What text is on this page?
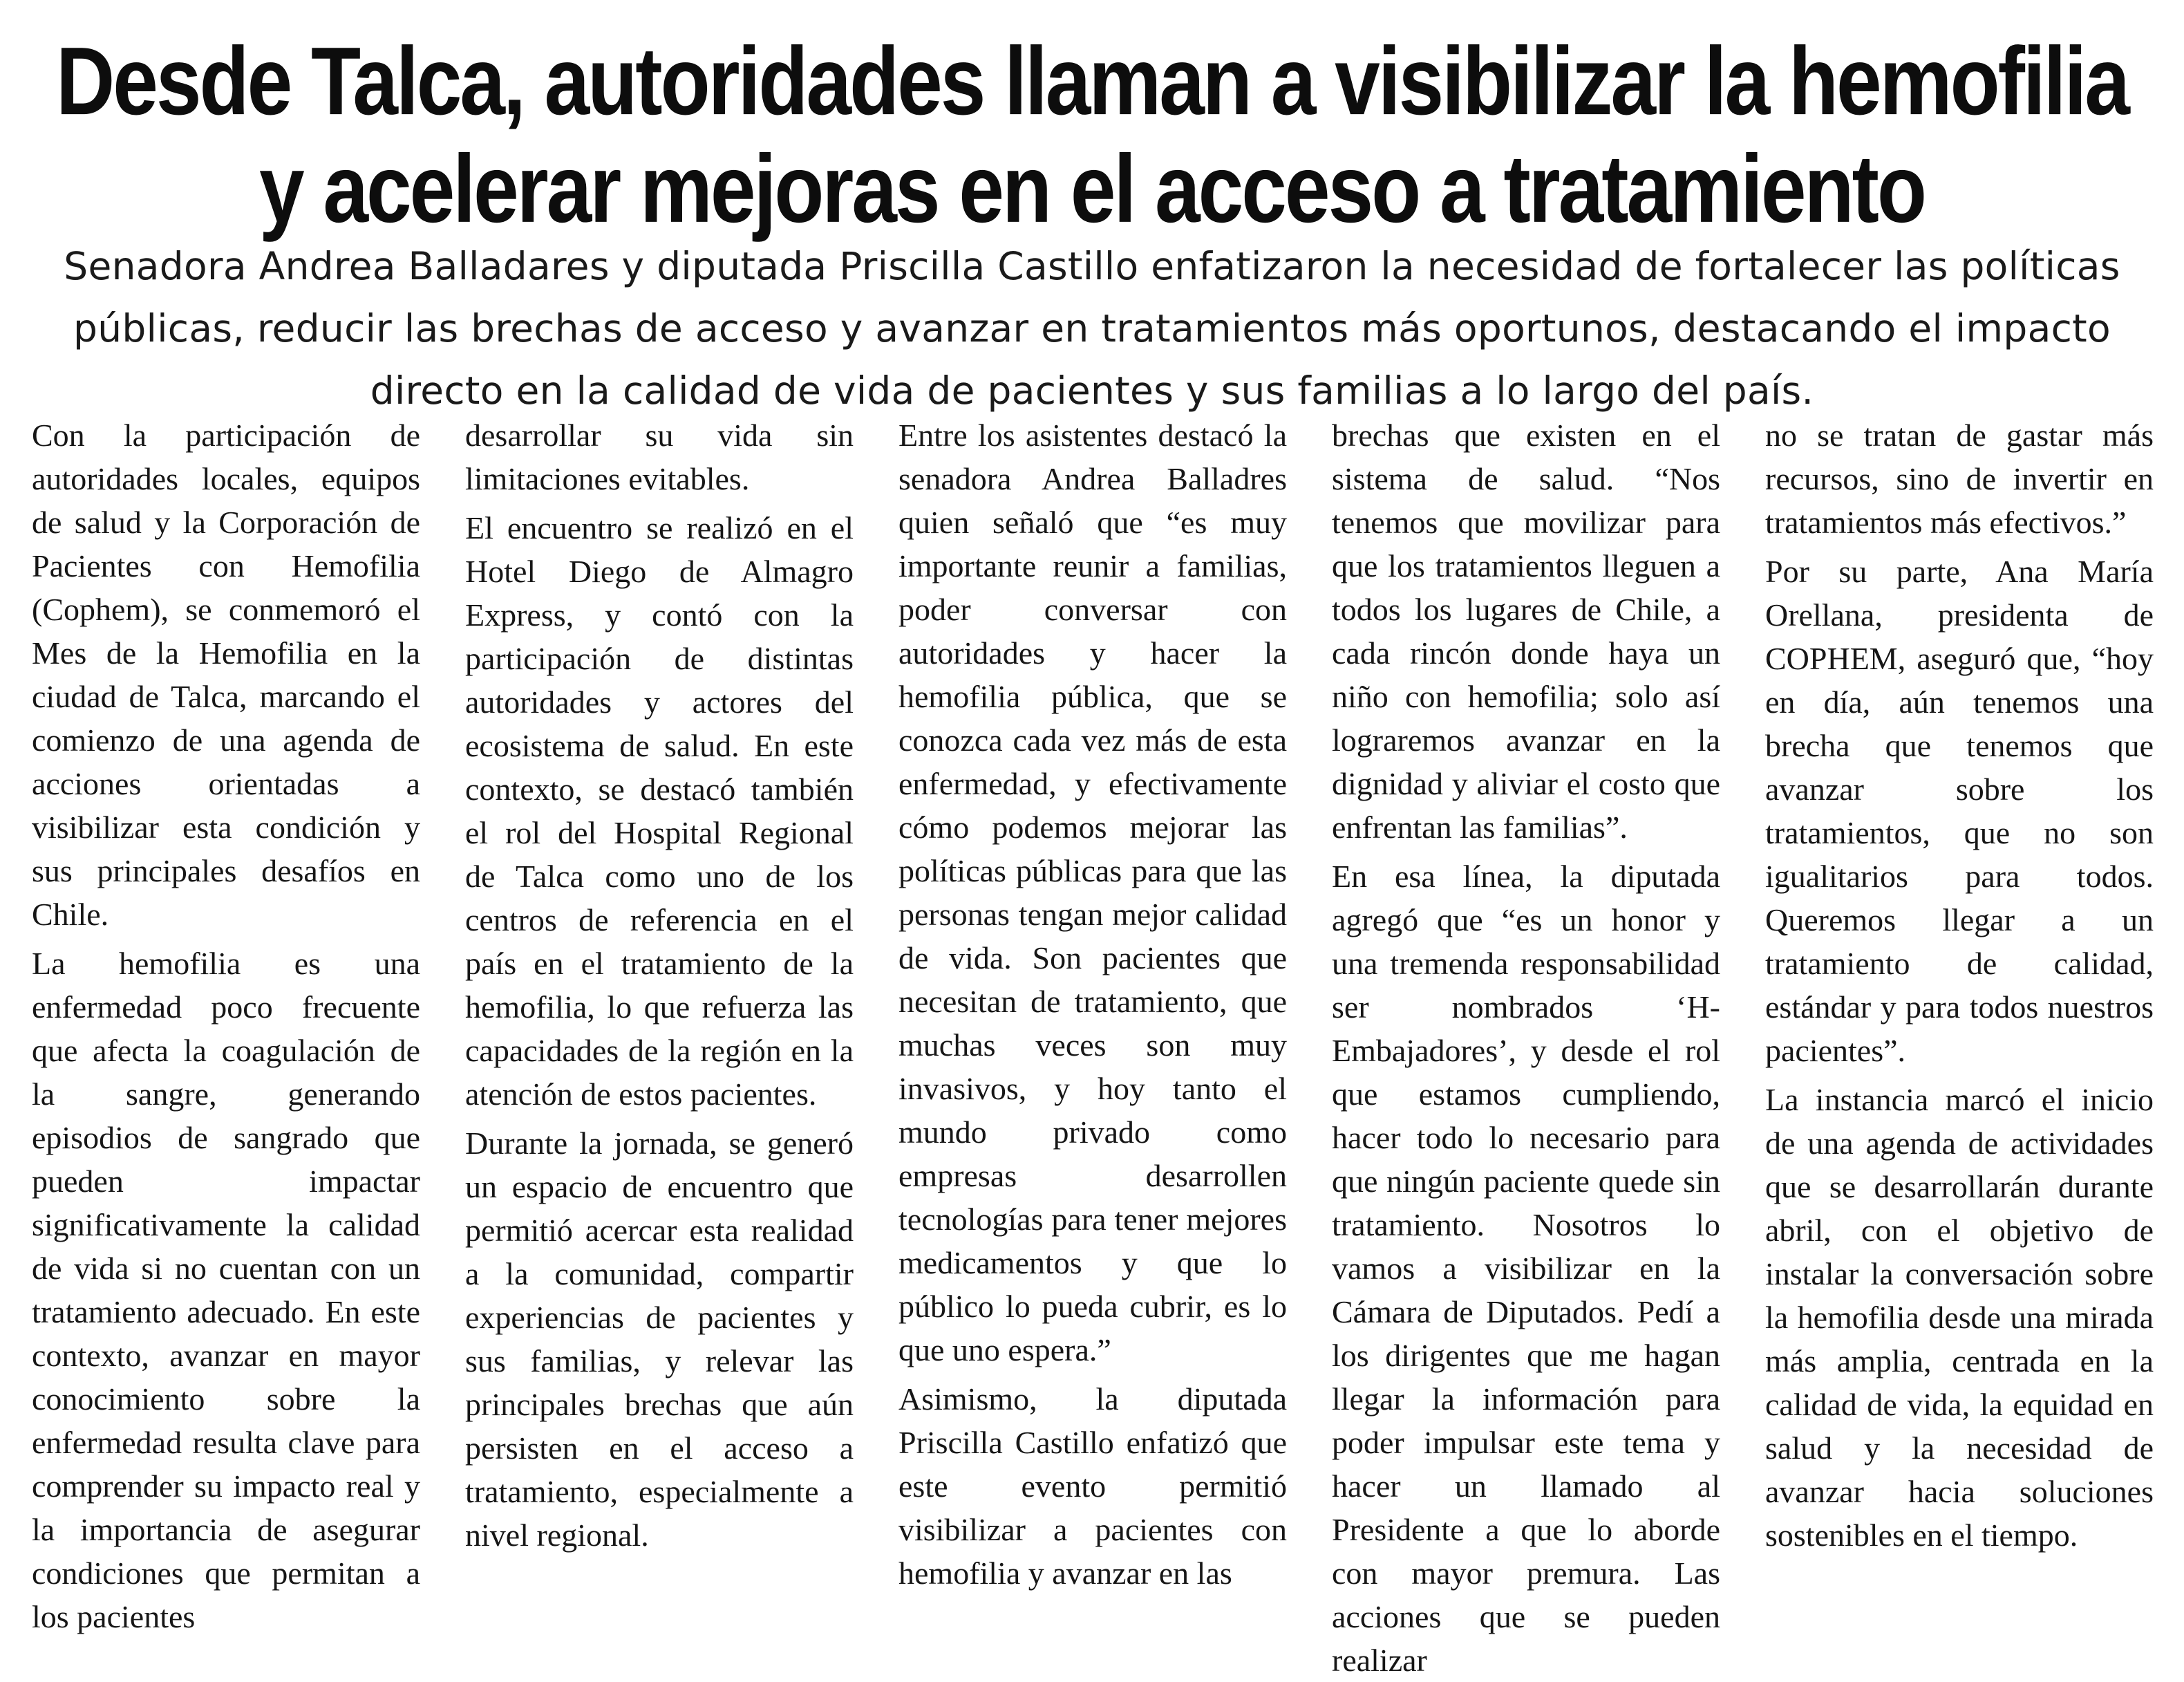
Desde Talca, autoridades llaman a visibilizar la hemofilia y acelerar mejoras en el acceso a tratamiento

Senadora Andrea Balladares y diputada Priscilla Castillo enfatizaron la necesidad de fortalecer las políticas públicas, reducir las brechas de acceso y avanzar en tratamientos más oportunos, destacando el impacto directo en la calidad de vida de pacientes y sus familias a lo largo del país.

Con la participación de autoridades locales, equipos de salud y la Corporación de Pacientes con Hemofilia (Cophem), se conmemoró el Mes de la Hemofilia en la ciudad de Talca, marcando el comienzo de una agenda de acciones orientadas a visibilizar esta condición y sus principales desafíos en Chile.

La hemofilia es una enfermedad poco frecuente que afecta la coagulación de la sangre, generando episodios de sangrado que pueden impactar significativamente la calidad de vida si no cuentan con un tratamiento adecuado. En este contexto, avanzar en mayor conocimiento sobre la enfermedad resulta clave para comprender su impacto real y la importancia de asegurar condiciones que permitan a los pacientes

desarrollar su vida sin limitaciones evitables.

El encuentro se realizó en el Hotel Diego de Almagro Express, y contó con la participación de distintas autoridades y actores del ecosistema de salud. En este contexto, se destacó también el rol del Hospital Regional de Talca como uno de los centros de referencia en el país en el tratamiento de la hemofilia, lo que refuerza las capacidades de la región en la atención de estos pacientes.

Durante la jornada, se generó un espacio de encuentro que permitió acercar esta realidad a la comunidad, compartir experiencias de pacientes y sus familias, y relevar las principales brechas que aún persisten en el acceso a tratamiento, especialmente a nivel regional.

Entre los asistentes destacó la senadora Andrea Balladres quien señaló que “es muy importante reunir a familias, poder conversar con autoridades y hacer la hemofilia pública, que se conozca cada vez más de esta enfermedad, y efectivamente cómo podemos mejorar las políticas públicas para que las personas tengan mejor calidad de vida. Son pacientes que necesitan de tratamiento, que muchas veces son muy invasivos, y hoy tanto el mundo privado como empresas desarrollen tecnologías para tener mejores medicamentos y que lo público lo pueda cubrir, es lo que uno espera.”

Asimismo, la diputada Priscilla Castillo enfatizó que este evento permitió visibilizar a pacientes con hemofilia y avanzar en las

brechas que existen en el sistema de salud. “Nos tenemos que movilizar para que los tratamientos lleguen a todos los lugares de Chile, a cada rincón donde haya un niño con hemofilia; solo así lograremos avanzar en la dignidad y aliviar el costo que enfrentan las familias”.

En esa línea, la diputada agregó que “es un honor y una tremenda responsabilidad ser nombrados ‘H-Embajadores’, y desde el rol que estamos cumpliendo, hacer todo lo necesario para que ningún paciente quede sin tratamiento. Nosotros lo vamos a visibilizar en la Cámara de Diputados. Pedí a los dirigentes que me hagan llegar la información para poder impulsar este tema y hacer un llamado al Presidente a que lo aborde con mayor premura. Las acciones que se pueden realizar

no se tratan de gastar más recursos, sino de invertir en tratamientos más efectivos.”

Por su parte, Ana María Orellana, presidenta de COPHEM, aseguró que, “hoy en día, aún tenemos una brecha que tenemos que avanzar sobre los tratamientos, que no son igualitarios para todos. Queremos llegar a un tratamiento de calidad, estándar y para todos nuestros pacientes”.

La instancia marcó el inicio de una agenda de actividades que se desarrollarán durante abril, con el objetivo de instalar la conversación sobre la hemofilia desde una mirada más amplia, centrada en la calidad de vida, la equidad en salud y la necesidad de avanzar hacia soluciones sostenibles en el tiempo.
